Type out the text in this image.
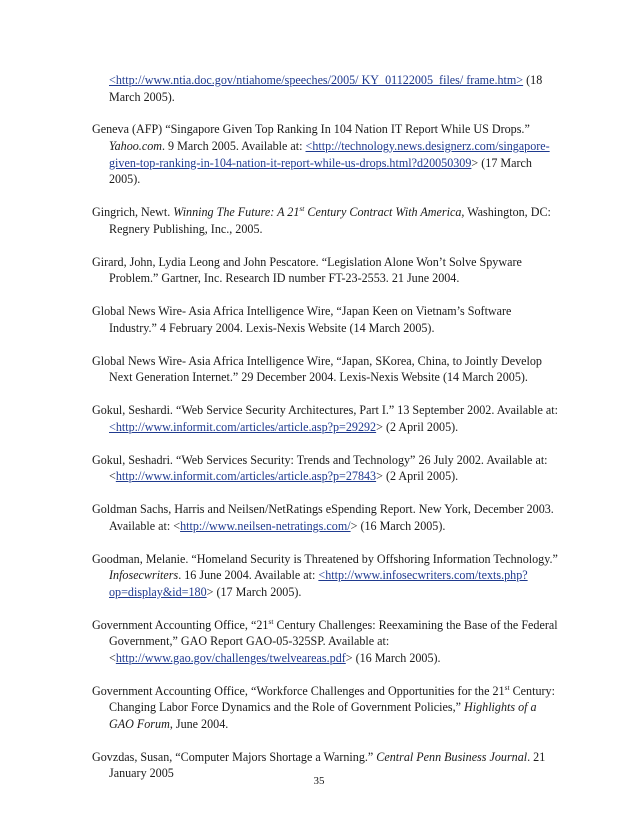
<http://www.ntia.doc.gov/ntiahome/speeches/2005/ KY_01122005_files/ frame.htm> (18 March 2005).

Geneva (AFP) “Singapore Given Top Ranking In 104 Nation IT Report While US Drops.” Yahoo.com. 9 March 2005. Available at: <http://technology.news.designerz.com/singapore-given-top-ranking-in-104-nation-it-report-while-us-drops.html?d20050309> (17 March 2005).

Gingrich, Newt. Winning The Future: A 21st Century Contract With America, Washington, DC: Regnery Publishing, Inc., 2005.

Girard, John, Lydia Leong and John Pescatore. “Legislation Alone Won’t Solve Spyware Problem.” Gartner, Inc. Research ID number FT-23-2553. 21 June 2004.

Global News Wire- Asia Africa Intelligence Wire, “Japan Keen on Vietnam’s Software Industry.” 4 February 2004. Lexis-Nexis Website (14 March 2005).

Global News Wire- Asia Africa Intelligence Wire, “Japan, SKorea, China, to Jointly Develop Next Generation Internet.” 29 December 2004. Lexis-Nexis Website (14 March 2005).

Gokul, Seshardi. “Web Service Security Architectures, Part I.” 13 September 2002. Available at: <http://www.informit.com/articles/article.asp?p=29292> (2 April 2005).

Gokul, Seshadri. “Web Services Security: Trends and Technology” 26 July 2002. Available at: <http://www.informit.com/articles/article.asp?p=27843> (2 April 2005).

Goldman Sachs, Harris and Neilsen/NetRatings eSpending Report. New York, December 2003. Available at: <http://www.neilsen-netratings.com/> (16 March 2005).

Goodman, Melanie. “Homeland Security is Threatened by Offshoring Information Technology.” Infosecwriters. 16 June 2004. Available at: <http://www.infosecwriters.com/texts.php?op=display&id=180> (17 March 2005).

Government Accounting Office, “21st Century Challenges: Reexamining the Base of the Federal Government,” GAO Report GAO-05-325SP. Available at: <http://www.gao.gov/challenges/twelveareas.pdf> (16 March 2005).

Government Accounting Office, “Workforce Challenges and Opportunities for the 21st Century: Changing Labor Force Dynamics and the Role of Government Policies,” Highlights of a GAO Forum, June 2004.

Govzdas, Susan, “Computer Majors Shortage a Warning.” Central Penn Business Journal. 21 January 2005

35
